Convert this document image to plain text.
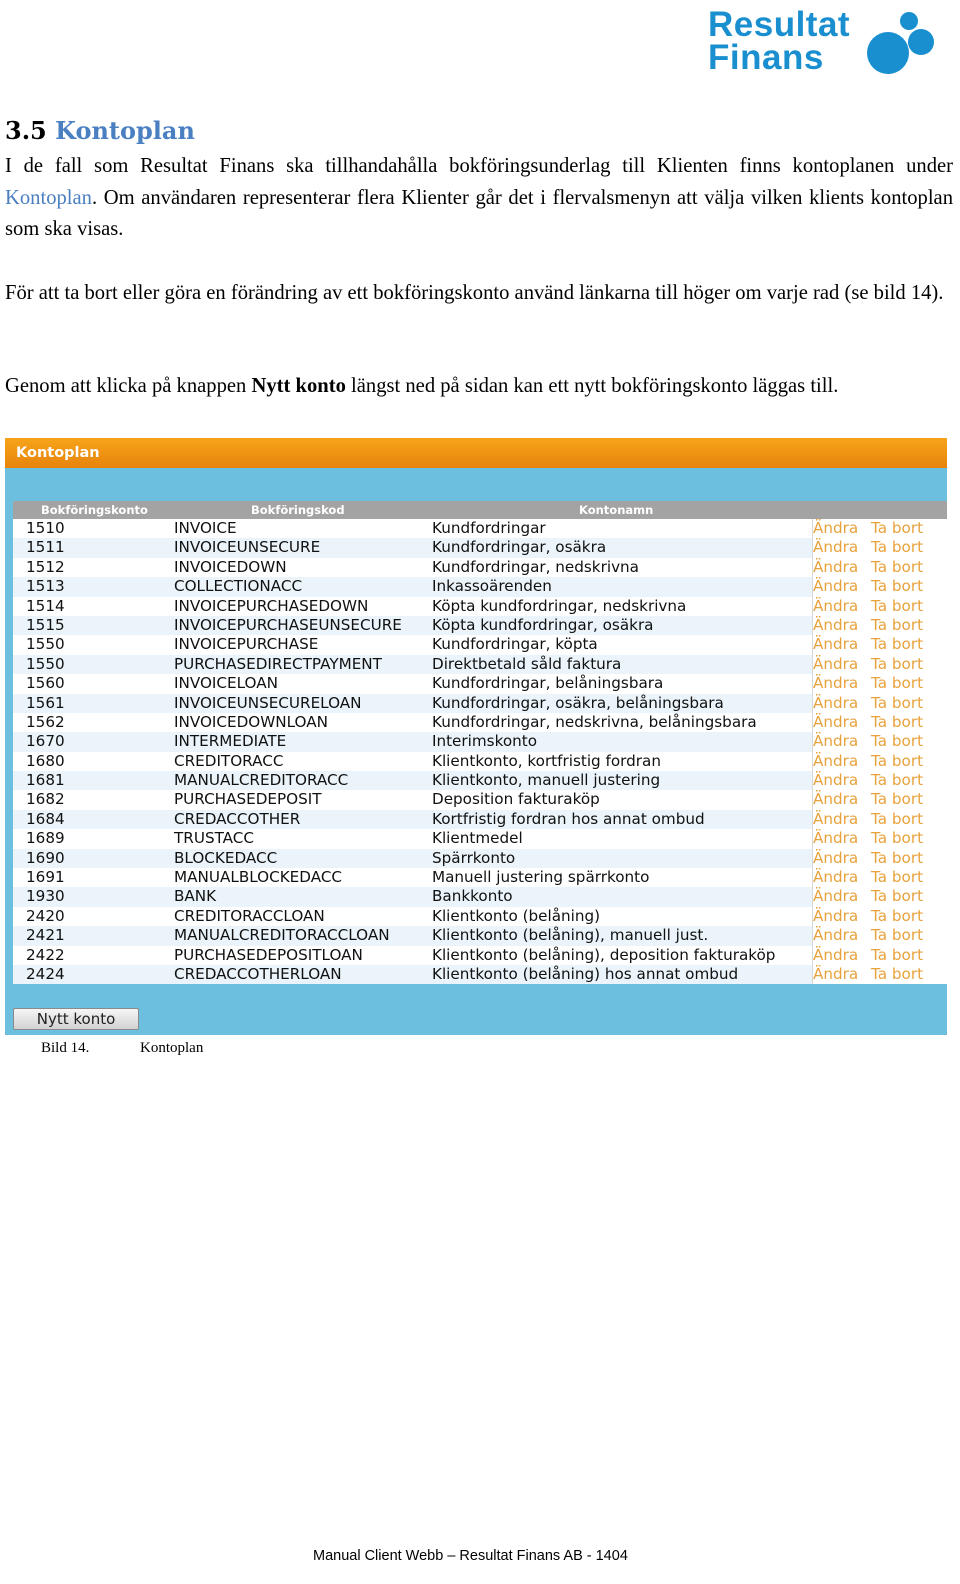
Resultat
Finans
3.5 Kontoplan

I de fall som Resultat Finans ska tillhandahålla bokföringsunderlag till Klienten finns kontoplanen under Kontoplan. Om användaren representerar flera Klienter går det i flervalsmenyn att välja vilken klients kontoplan som ska visas.

För att ta bort eller göra en förändring av ett bokföringskonto använd länkarna till höger om varje rad (se bild 14).

Genom att klicka på knappen Nytt konto längst ned på sidan kan ett nytt bokföringskonto läggas till.

Kontoplan
Bokföringskonto	Bokföringskod	Kontonamn
1510	INVOICE	Kundfordringar	Ändra Ta bort
1511	INVOICEUNSECURE	Kundfordringar, osäkra	Ändra Ta bort
1512	INVOICEDOWN	Kundfordringar, nedskrivna	Ändra Ta bort
1513	COLLECTIONACC	Inkassoärenden	Ändra Ta bort
1514	INVOICEPURCHASEDOWN	Köpta kundfordringar, nedskrivna	Ändra Ta bort
1515	INVOICEPURCHASEUNSECURE Köpta kundfordringar, osäkra	Ändra Ta bort
1550	INVOICEPURCHASE	Kundfordringar, köpta	Ändra Ta bort
1550	PURCHASEDIRECTPAYMENT	Direktbetald såld faktura	Ändra Ta bort
1560	INVOICELOAN	Kundfordringar, belåningsbara	Ändra Ta bort
1561	INVOICEUNSECURELOAN	Kundfordringar, osäkra, belåningsbara	Ändra Ta bort
1562	INVOICEDOWNLOAN	Kundfordringar, nedskrivna, belåningsbara	Ändra Ta bort
1670	INTERMEDIATE	Interimskonto	Ändra Ta bort
1680	CREDITORACC	Klientkonto, kortfristig fordran	Ändra Ta bort
1681	MANUALCREDITORACC	Klientkonto, manuell justering	Ändra Ta bort
1682	PURCHASEDEPOSIT	Deposition fakturaköp	Ändra Ta bort
1684	CREDACCOTHER	Kortfristig fordran hos annat ombud	Ändra Ta bort
1689	TRUSTACC	Klientmedel	Ändra Ta bort
1690	BLOCKEDACC	Spärrkonto	Ändra Ta bort
1691	MANUALBLOCKEDACC	Manuell justering spärrkonto	Ändra Ta bort
1930	BANK	Bankkonto	Ändra Ta bort
2420	CREDITORACCLOAN	Klientkonto (belåning)	Ändra Ta bort
2421	MANUALCREDITORACCLOAN	Klientkonto (belåning), manuell just.	Ändra Ta bort
2422	PURCHASEDEPOSITLOAN	Klientkonto (belåning), deposition fakturaköp Ändra Ta bort
2424	CREDACCOTHERLOAN	Klientkonto (belåning) hos annat ombud	Ändra Ta bort
Nytt konto
Bild 14.	Kontoplan
Manual Client Webb – Resultat Finans AB - 1404
